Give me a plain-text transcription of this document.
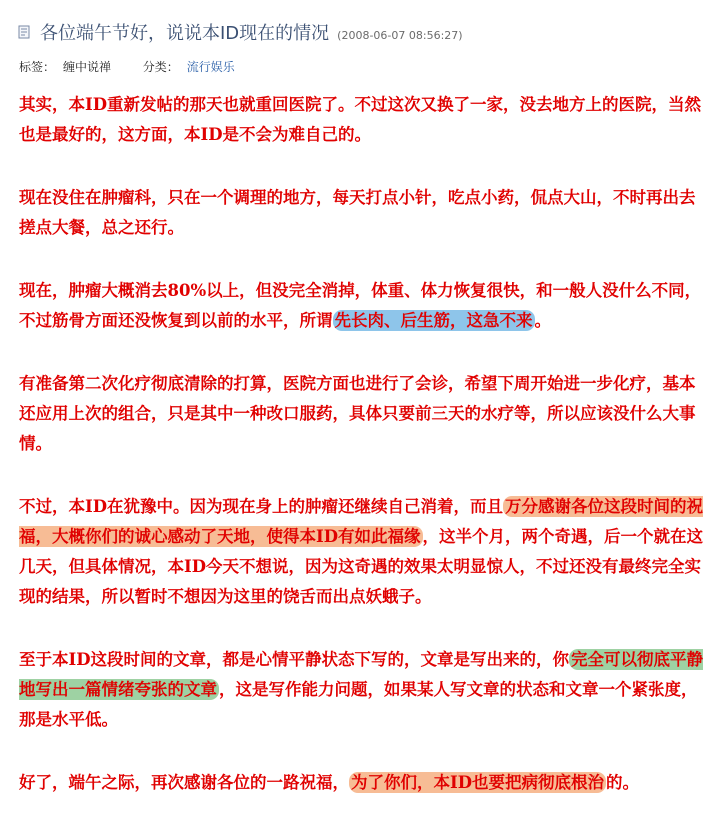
各位端午节好，说说本ID现在的情况 (2008-06-07 08:56:27)
标签： 缠中说禅	分类： 流行娱乐

其实，本ID重新发帖的那天也就重回医院了。不过这次又换了一家，没去地方上的医院，当然也是最好的，这方面，本ID是不会为难自己的。

现在没住在肿瘤科，只在一个调理的地方，每天打点小针，吃点小药，侃点大山，不时再出去搓点大餐，总之还行。

现在，肿瘤大概消去80%以上，但没完全消掉，体重、体力恢复很快，和一般人没什么不同，不过筋骨方面还没恢复到以前的水平，所谓 先长肉、后生筋，这急不来 。

有准备第二次化疗彻底清除的打算，医院方面也进行了会诊，希望下周开始进一步化疗，基本还应用上次的组合，只是其中一种改口服药，具体只要前三天的水疗等，所以应该没什么大事情。

不过，本ID在犹豫中。因为现在身上的肿瘤还继续自己消着，而且 万分感谢各位这段时间的祝福，大概你们的诚心感动了天地，使得本ID有如此福缘 ，这半个月，两个奇遇，后一个就在这几天，但具体情况，本ID今天不想说，因为这奇遇的效果太明显惊人，不过还没有最终完全实现的结果，所以暂时不想因为这里的饶舌而出点妖蛾子。

至于本ID这段时间的文章，都是心情平静状态下写的，文章是写出来的，你 完全可以彻底平静地写出一篇情绪夸张的文章 ，这是写作能力问题，如果某人写文章的状态和文章一个紧张度，那是水平低。

好了，端午之际，再次感谢各位的一路祝福， 为了你们，本ID也要把病彻底根治 的。
